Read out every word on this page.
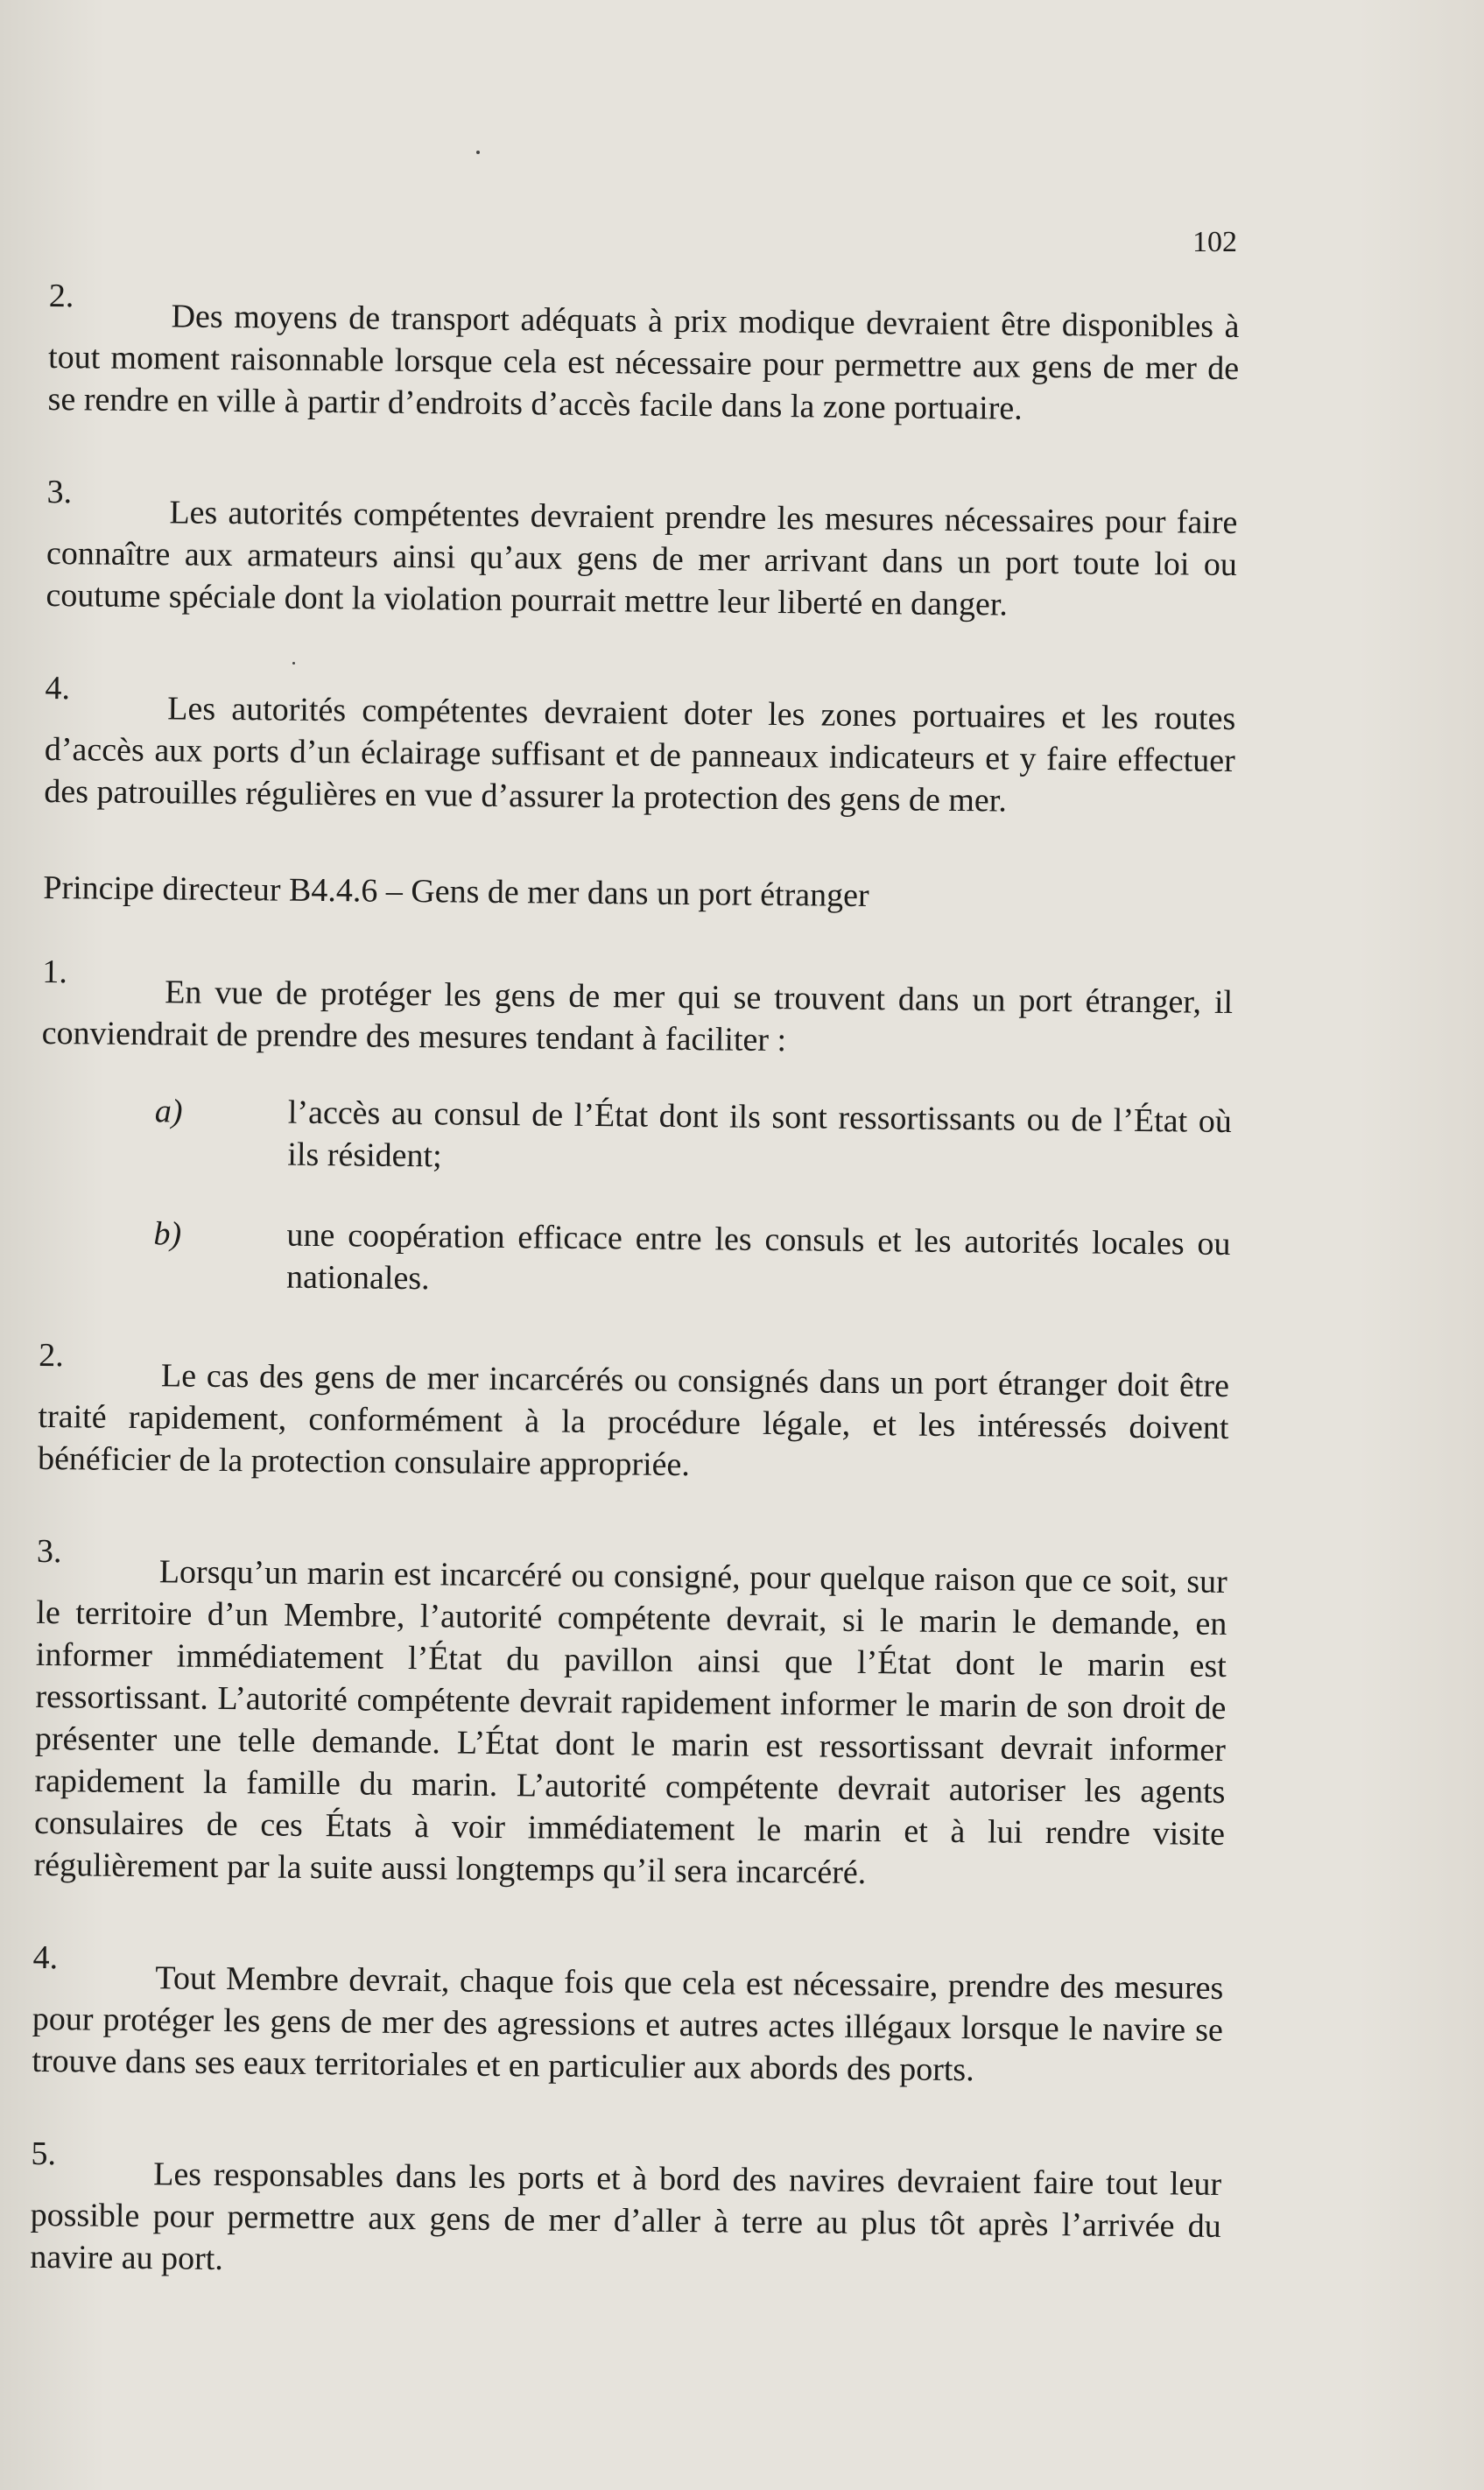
102
2.
Des moyens de transport adéquats à prix modique devraient être disponibles à tout moment raisonnable lorsque cela est nécessaire pour permettre aux gens de mer de se rendre en ville à partir d’endroits d’accès facile dans la zone portuaire.
3.
Les autorités compétentes devraient prendre les mesures nécessaires pour faire connaître aux armateurs ainsi qu’aux gens de mer arrivant dans un port toute loi ou coutume spéciale dont la violation pourrait mettre leur liberté en danger.
4.
Les autorités compétentes devraient doter les zones portuaires et les routes d’accès aux ports d’un éclairage suffisant et de panneaux indicateurs et y faire effectuer des patrouilles régulières en vue d’assurer la protection des gens de mer.
Principe directeur B4.4.6 – Gens de mer dans un port étranger
1.
En vue de protéger les gens de mer qui se trouvent dans un port étranger, il conviendrait de prendre des mesures tendant à faciliter :
a)	l’accès au consul de l’État dont ils sont ressortissants ou de l’État où ils résident;
b)	une coopération efficace entre les consuls et les autorités locales ou nationales.
2.
Le cas des gens de mer incarcérés ou consignés dans un port étranger doit être traité rapidement, conformément à la procédure légale, et les intéressés doivent bénéficier de la protection consulaire appropriée.
3.
Lorsqu’un marin est incarcéré ou consigné, pour quelque raison que ce soit, sur le territoire d’un Membre, l’autorité compétente devrait, si le marin le demande, en informer immédiatement l’État du pavillon ainsi que l’État dont le marin est ressortissant. L’autorité compétente devrait rapidement informer le marin de son droit de présenter une telle demande. L’État dont le marin est ressortissant devrait informer rapidement la famille du marin. L’autorité compétente devrait autoriser les agents consulaires de ces États à voir immédiatement le marin et à lui rendre visite régulièrement par la suite aussi longtemps qu’il sera incarcéré.
4.
Tout Membre devrait, chaque fois que cela est nécessaire, prendre des mesures pour protéger les gens de mer des agressions et autres actes illégaux lorsque le navire se trouve dans ses eaux territoriales et en particulier aux abords des ports.
5.
Les responsables dans les ports et à bord des navires devraient faire tout leur possible pour permettre aux gens de mer d’aller à terre au plus tôt après l’arrivée du navire au port.
